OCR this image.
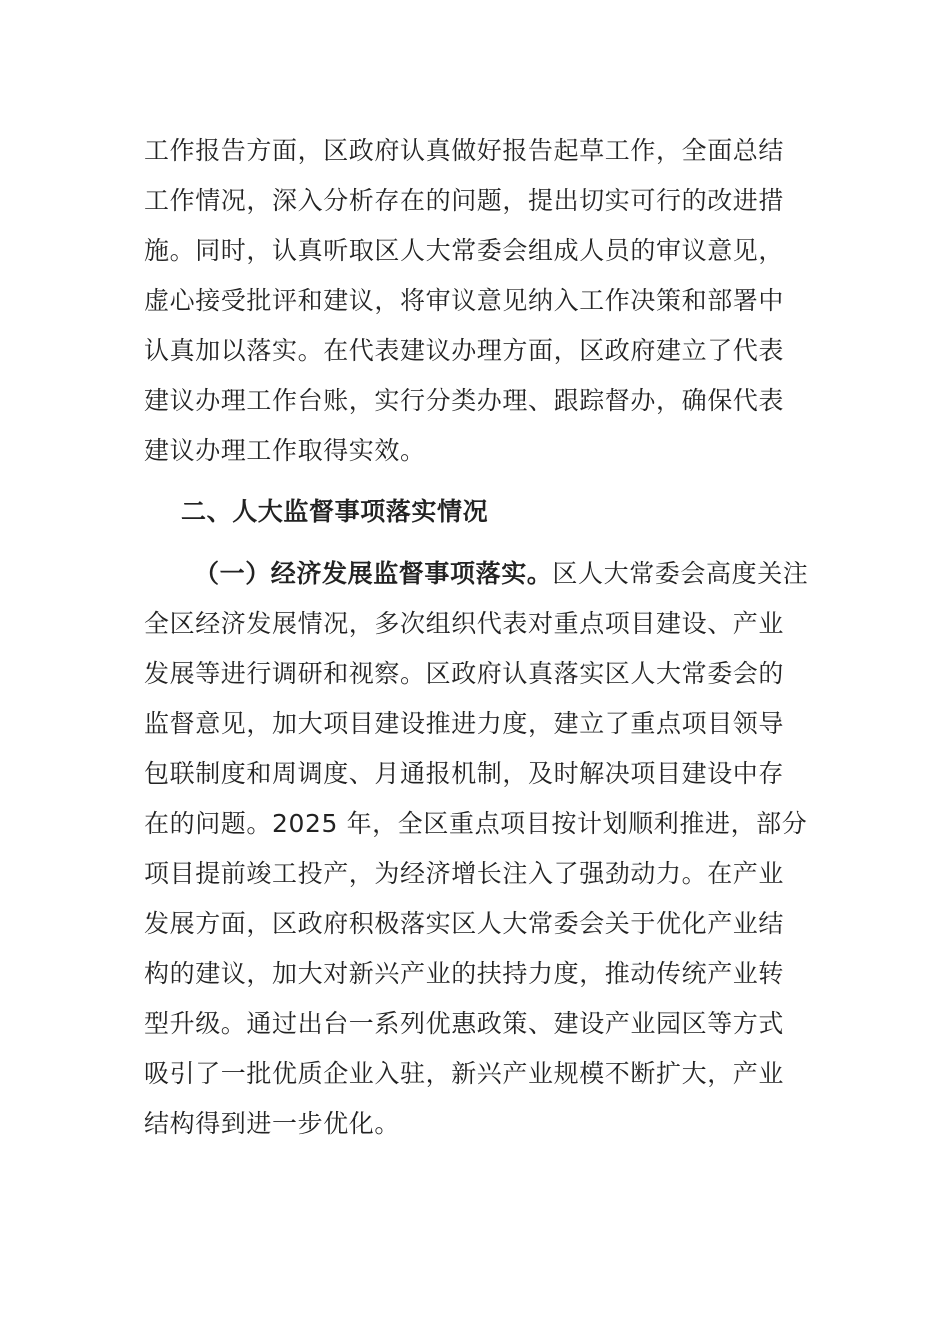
工作报告方面，区政府认真做好报告起草工作，全面总结
工作情况，深入分析存在的问题，提出切实可行的改进措
施。同时，认真听取区人大常委会组成人员的审议意见，
虚心接受批评和建议，将审议意见纳入工作决策和部署中
认真加以落实。在代表建议办理方面，区政府建立了代表
建议办理工作台账，实行分类办理、跟踪督办，确保代表
建议办理工作取得实效。
二、人大监督事项落实情况
（一）经济发展监督事项落实。区人大常委会高度关注
全区经济发展情况，多次组织代表对重点项目建设、产业
发展等进行调研和视察。区政府认真落实区人大常委会的
监督意见，加大项目建设推进力度，建立了重点项目领导
包联制度和周调度、月通报机制，及时解决项目建设中存
在的问题。2025 年，全区重点项目按计划顺利推进，部分
项目提前竣工投产，为经济增长注入了强劲动力。在产业
发展方面，区政府积极落实区人大常委会关于优化产业结
构的建议，加大对新兴产业的扶持力度，推动传统产业转
型升级。通过出台一系列优惠政策、建设产业园区等方式
吸引了一批优质企业入驻，新兴产业规模不断扩大，产业
结构得到进一步优化。
